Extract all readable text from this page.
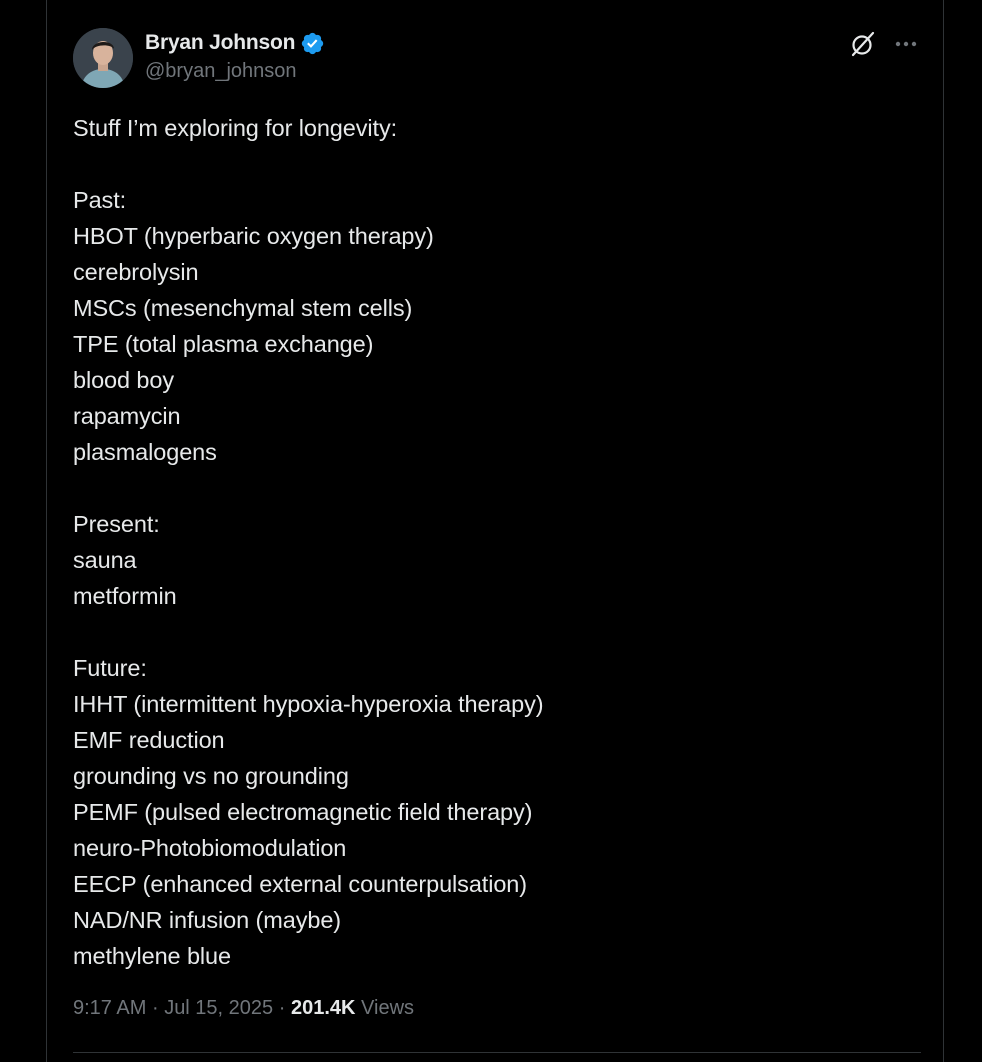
Bryan Johnson
@bryan_johnson
Stuff I’m exploring for longevity:
Past:
HBOT (hyperbaric oxygen therapy)
cerebrolysin
MSCs (mesenchymal stem cells)
TPE (total plasma exchange)
blood boy
rapamycin
plasmalogens
Present:
sauna
metformin
Future:
IHHT (intermittent hypoxia-hyperoxia therapy)
EMF reduction
grounding vs no grounding
PEMF (pulsed electromagnetic field therapy)
neuro-Photobiomodulation
EECP (enhanced external counterpulsation)
NAD/NR infusion (maybe)
methylene blue
9:17 AM · Jul 15, 2025 · 201.4K Views
